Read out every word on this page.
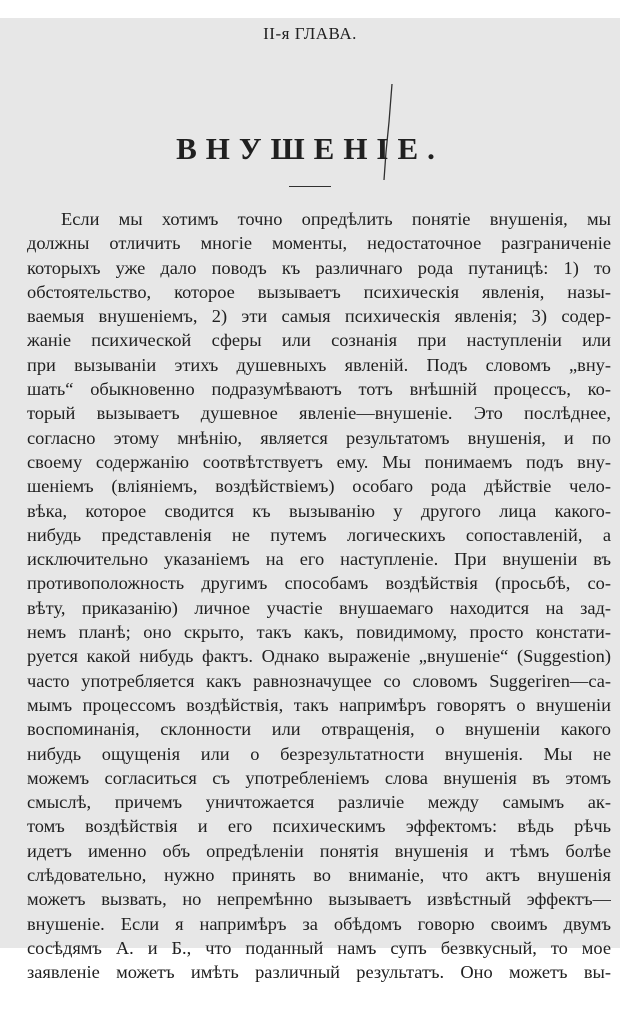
II-я ГЛАВА.
ВНУШЕНІЕ.
Если мы хотимъ точно опредѣлить понятіе внушенія, мы
должны отличить многіе моменты, недостаточное разграниченіе
которыхъ уже дало поводъ къ различнаго рода путаницѣ: 1) то
обстоятельство, которое вызываетъ психическія явленія, назы-
ваемыя внушеніемъ, 2) эти самыя психическія явленія; 3) содер-
жаніе психической сферы или сознанія при наступленіи или
при вызываніи этихъ душевныхъ явленій. Подъ словомъ „вну-
шать“ обыкновенно подразумѣваютъ тотъ внѣшній процессъ, ко-
торый вызываетъ душевное явленіе—внушеніе. Это послѣднее,
согласно этому мнѣнію, является результатомъ внушенія, и по
своему содержанію соотвѣтствуетъ ему. Мы понимаемъ подъ вну-
шеніемъ (вліяніемъ, воздѣйствіемъ) особаго рода дѣйствіе чело-
вѣка, которое сводится къ вызыванію у другого лица какого-
нибудь представленія не путемъ логическихъ сопоставленій, а
исключительно указаніемъ на его наступленіе. При внушеніи въ
противоположность другимъ способамъ воздѣйствія (просьбѣ, со-
вѣту, приказанію) личное участіе внушаемаго находится на зад-
немъ планѣ; оно скрыто, такъ какъ, повидимому, просто констати-
руется какой нибудь фактъ. Однако выраженіе „внушеніе“ (Suggestion)
часто употребляется какъ равнозначущее со словомъ Suggeriren—са-
мымъ процессомъ воздѣйствія, такъ напримѣръ говорятъ о внушеніи
воспоминанія, склонности или отвращенія, о внушеніи какого
нибудь ощущенія или о безрезультатности внушенія. Мы не
можемъ согласиться съ употребленіемъ слова внушенія въ этомъ
смыслѣ, причемъ уничтожается различіе между самымъ ак-
томъ воздѣйствія и его психическимъ эффектомъ: вѣдь рѣчь
идетъ именно объ опредѣленіи понятія внушенія и тѣмъ болѣе
слѣдовательно, нужно принять во вниманіе, что актъ внушенія
можетъ вызвать, но непремѣнно вызываетъ извѣстный эффектъ—
внушеніе. Если я напримѣръ за обѣдомъ говорю своимъ двумъ
сосѣдямъ А. и Б., что поданный намъ супъ безвкусный, то мое
заявленіе можетъ имѣть различный результатъ. Оно можетъ вы-
